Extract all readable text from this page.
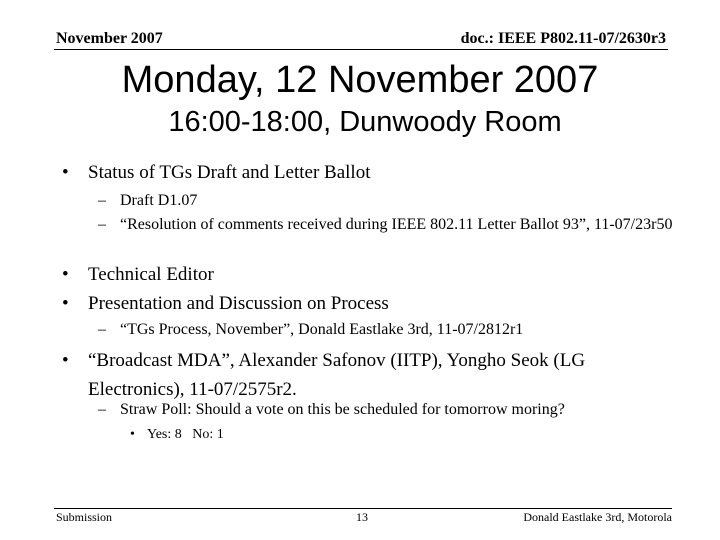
November 2007	doc.: IEEE P802.11-07/2630r3
Monday, 12 November 2007
16:00-18:00, Dunwoody Room
• Status of TGs Draft and Letter Ballot
– Draft D1.07
– “Resolution of comments received during IEEE 802.11 Letter Ballot 93”, 11-07/23r50
• Technical Editor
• Presentation and Discussion on Process
– “TGs Process, November”, Donald Eastlake 3rd, 11-07/2812r1
• “Broadcast MDA”, Alexander Safonov (IITP), Yongho Seok (LG Electronics), 11-07/2575r2.
– Straw Poll: Should a vote on this be scheduled for tomorrow moring?
• Yes: 8   No: 1
Submission	13	Donald Eastlake 3rd, Motorola
